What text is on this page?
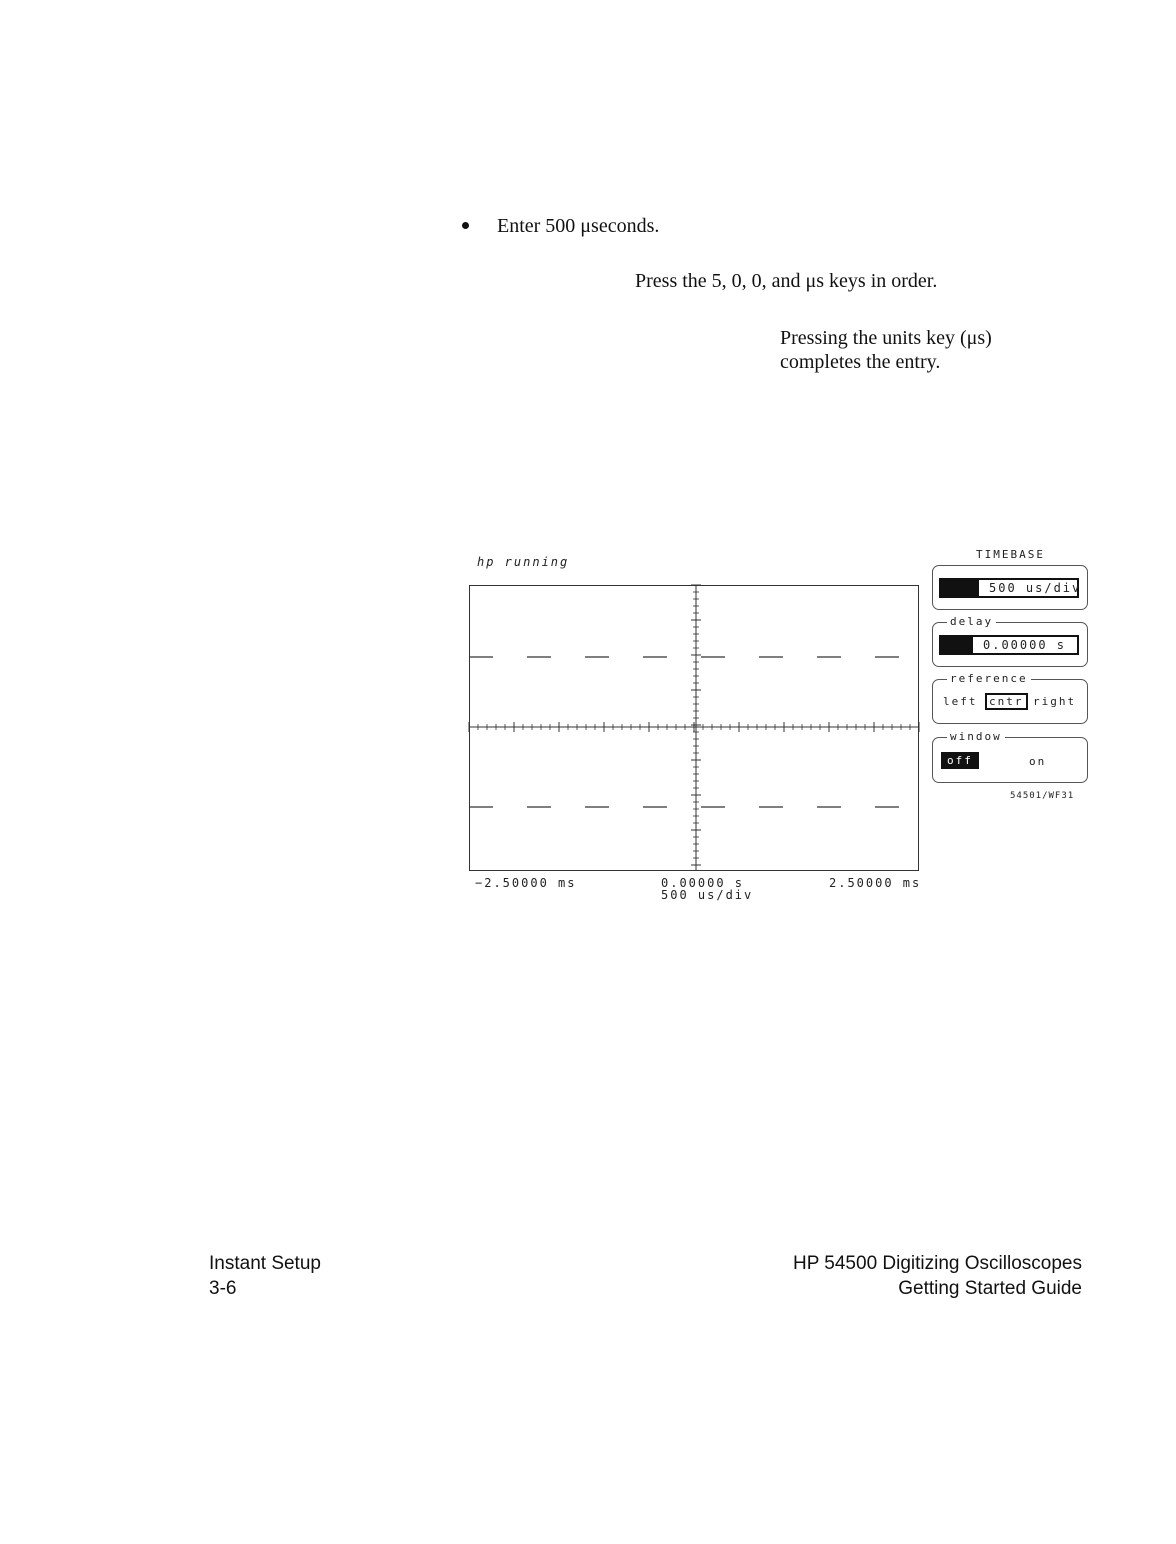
Enter 500 μseconds.
Press the 5, 0, 0, and μs keys in order.
Pressing the units key (μs) completes the entry.
hp running
−2.50000 ms	0.00000 s
500 us/div
2.50000 ms
TIMEBASE
500 us/div
delay
0.00000 s
reference
left	cntr right
window
off	on
54501/WF31
Instant Setup
3-6
HP 54500 Digitizing Oscilloscopes
Getting Started Guide
